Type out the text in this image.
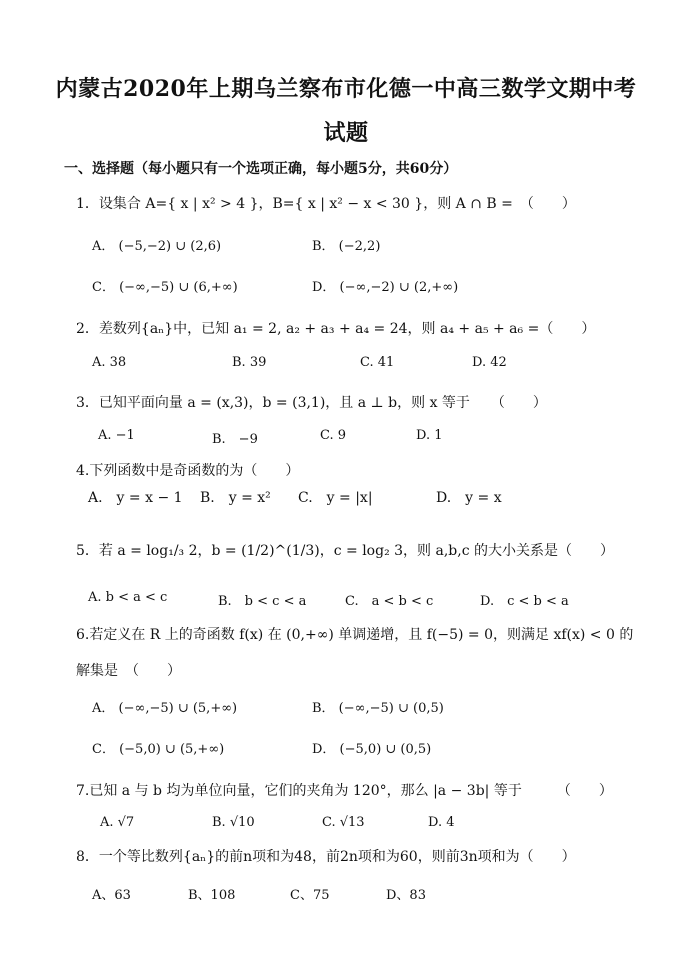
内蒙古2020年上期乌兰察布市化德一中高三数学文期中考
试题
一、选择题（每小题只有一个选项正确，每小题5分，共60分）
1．设集合 A={ x | x² > 4 }，B={ x | x² − x < 30 }，则 A ∩ B =　（　　）
A． (−5,−2) ∪ (2,6)	B． (−2,2)
C． (−∞,−5) ∪ (6,+∞)	D． (−∞,−2) ∪ (2,+∞)
2．差数列{aₙ}中，已知 a₁ = 2, a₂ + a₃ + a₄ = 24，则 a₄ + a₅ + a₆ =（　　）
A. 38	B. 39	C. 41	D. 42
3．已知平面向量 a = (x,3)，b = (3,1)，且 a ⊥ b，则 x 等于　　（　　）
A. −1	B.　−9	C. 9	D. 1
4.下列函数中是奇函数的为（　　）
A.　y = x − 1 B.　y = x² C.　y = |x|	D.　y = x
5．若 a = log₁/₃ 2，b = (1/2)^(1/3)，c = log₂ 3，则 a,b,c 的大小关系是（　　）
A. b < a < c	B.　b < c < a	C.　a < b < c	D.　c < b < a
6.若定义在 R 上的奇函数 f(x) 在 (0,+∞) 单调递增，且 f(−5) = 0，则满足 xf(x) < 0 的
解集是　（　　）
A． (−∞,−5) ∪ (5,+∞)	B． (−∞,−5) ∪ (0,5)
C． (−5,0) ∪ (5,+∞)	D． (−5,0) ∪ (0,5)
7.已知 a 与 b 均为单位向量，它们的夹角为 120°，那么 |a − 3b| 等于　　　（　　）
A. √7	B. √10	C. √13	D. 4
8．一个等比数列{aₙ}的前n项和为48，前2n项和为60，则前3n项和为（　　）
A、63	B、108	C、75	D、83
